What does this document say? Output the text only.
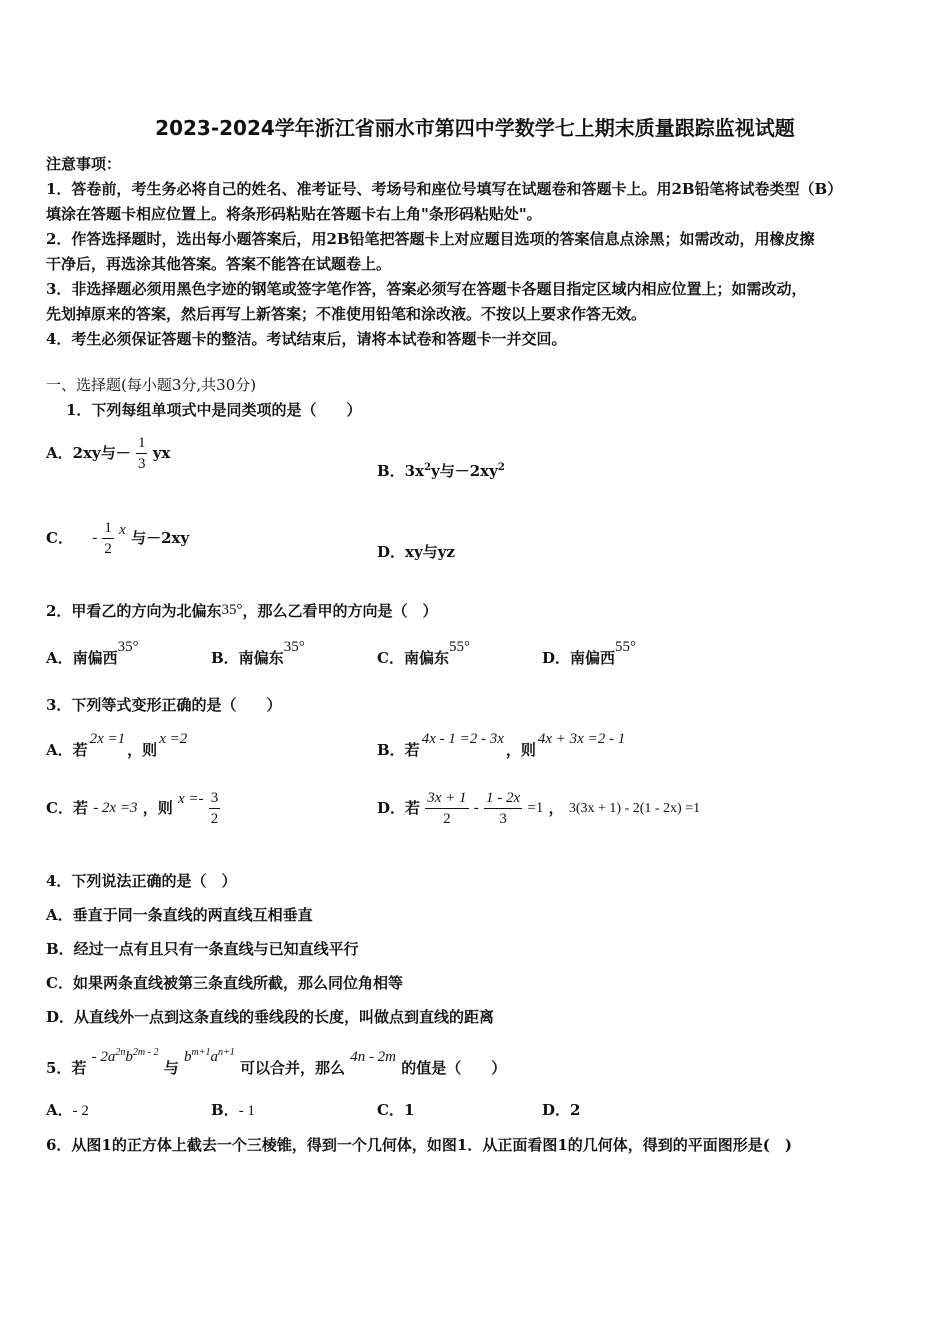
2023-2024学年浙江省丽水市第四中学数学七上期末质量跟踪监视试题
注意事项：
1．答卷前，考生务必将自己的姓名、准考证号、考场号和座位号填写在试题卷和答题卡上。用2B铅笔将试卷类型（B）
填涂在答题卡相应位置上。将条形码粘贴在答题卡右上角"条形码粘贴处"。
2．作答选择题时，选出每小题答案后，用2B铅笔把答题卡上对应题目选项的答案信息点涂黑；如需改动，用橡皮擦
干净后，再选涂其他答案。答案不能答在试题卷上。
3．非选择题必须用黑色字迹的钢笔或签字笔作答，答案必须写在答题卡各题目指定区域内相应位置上；如需改动，
先划掉原来的答案，然后再写上新答案；不准使用铅笔和涂改液。不按以上要求作答无效。
4．考生必须保证答题卡的整洁。考试结束后，请将本试卷和答题卡一并交回。
一、选择题(每小题3分,共30分)
1．下列每组单项式中是同类项的是（　　）
A．2xy与－ $\frac{1}{3}$ yx
B．$3x^2y$与$-2xy^2$
C． - $\frac{1}{2}$ x 与－2xy
D．xy与yz
2．甲看乙的方向为北偏东35°，那么乙看甲的方向是（　）
A．南偏西35°
B．南偏东35°
C．南偏东55°
D．南偏西55°
3．下列等式变形正确的是（　　）
A．若2x =1，则x =2
B．若4x - 1 =2 - 3x，则4x + 3x =2 - 1
C．若 - 2x =3 ，则 $x =- \frac{3}{2}$	D．若 $\frac{3x + 1}{2} - \frac{1 - 2x}{3} =1$ ， 3(3x + 1) - 2(1 - 2x) =1
4．下列说法正确的是（　）
A．垂直于同一条直线的两直线互相垂直
B．经过一点有且只有一条直线与已知直线平行
C．如果两条直线被第三条直线所截，那么同位角相等
D．从直线外一点到这条直线的垂线段的长度，叫做点到直线的距离
5．若 - $2a^{2n}b^{2m - 2}$ 与 $b^{m+1}a^{n+1}$ 可以合并，那么 4n - 2m 的值是（　　）
A．- 2	B．- 1	C．1	D．2
6．从图1的正方体上截去一个三棱锥，得到一个几何体，如图1．从正面看图1的几何体，得到的平面图形是(　)
